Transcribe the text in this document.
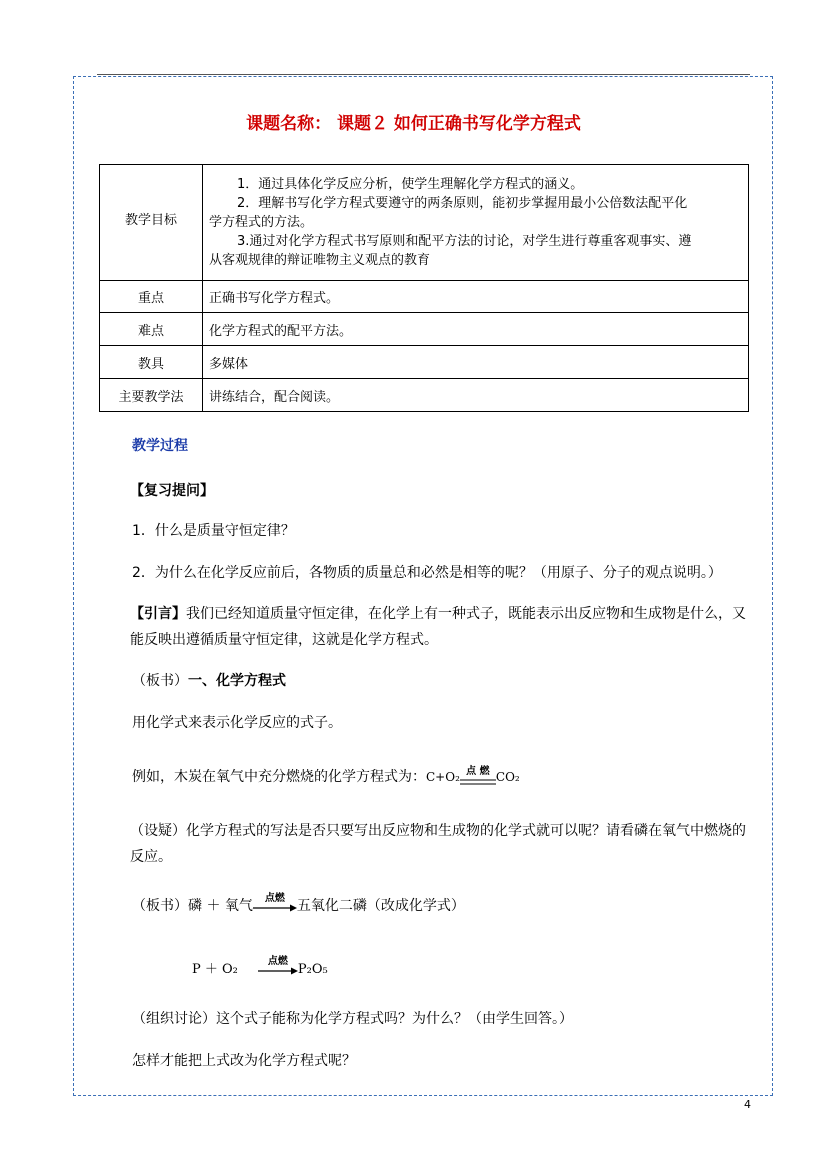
课题名称： 课题２ 如何正确书写化学方程式
教学目标	1．通过具体化学反应分析，使学生理解化学方程式的涵义。
2．理解书写化学方程式要遵守的两条原则，能初步掌握用最小公倍数法配平化
学方程式的方法。
3.通过对化学方程式书写原则和配平方法的讨论，对学生进行尊重客观事实、遵
从客观规律的辩证唯物主义观点的教育

重点	正确书写化学方程式。
难点	化学方程式的配平方法。
教具	多媒体
主要教学法	讲练结合，配合阅读。
教学过程
【复习提问】
1．什么是质量守恒定律？
2．为什么在化学反应前后，各物质的质量总和必然是相等的呢？（用原子、分子的观点说明。）
【引言】我们已经知道质量守恒定律，在化学上有一种式子，既能表示出反应物和生成物是什么，又能反映出遵循质量守恒定律，这就是化学方程式。
（板书）一、化学方程式
用化学式来表示化学反应的式子。
例如，木炭在氧气中充分燃烧的化学方程式为：C+O₂ 点 燃 CO₂
（设疑）化学方程式的写法是否只要写出反应物和生成物的化学式就可以呢？请看磷在氧气中燃烧的反应。
（板书）磷 ＋ 氧气	点燃 五氧化二磷（改成化学式）
P ＋ O₂
点燃
P₂O₅
（组织讨论）这个式子能称为化学方程式吗？为什么？（由学生回答。）
怎样才能把上式改为化学方程式呢？
4
